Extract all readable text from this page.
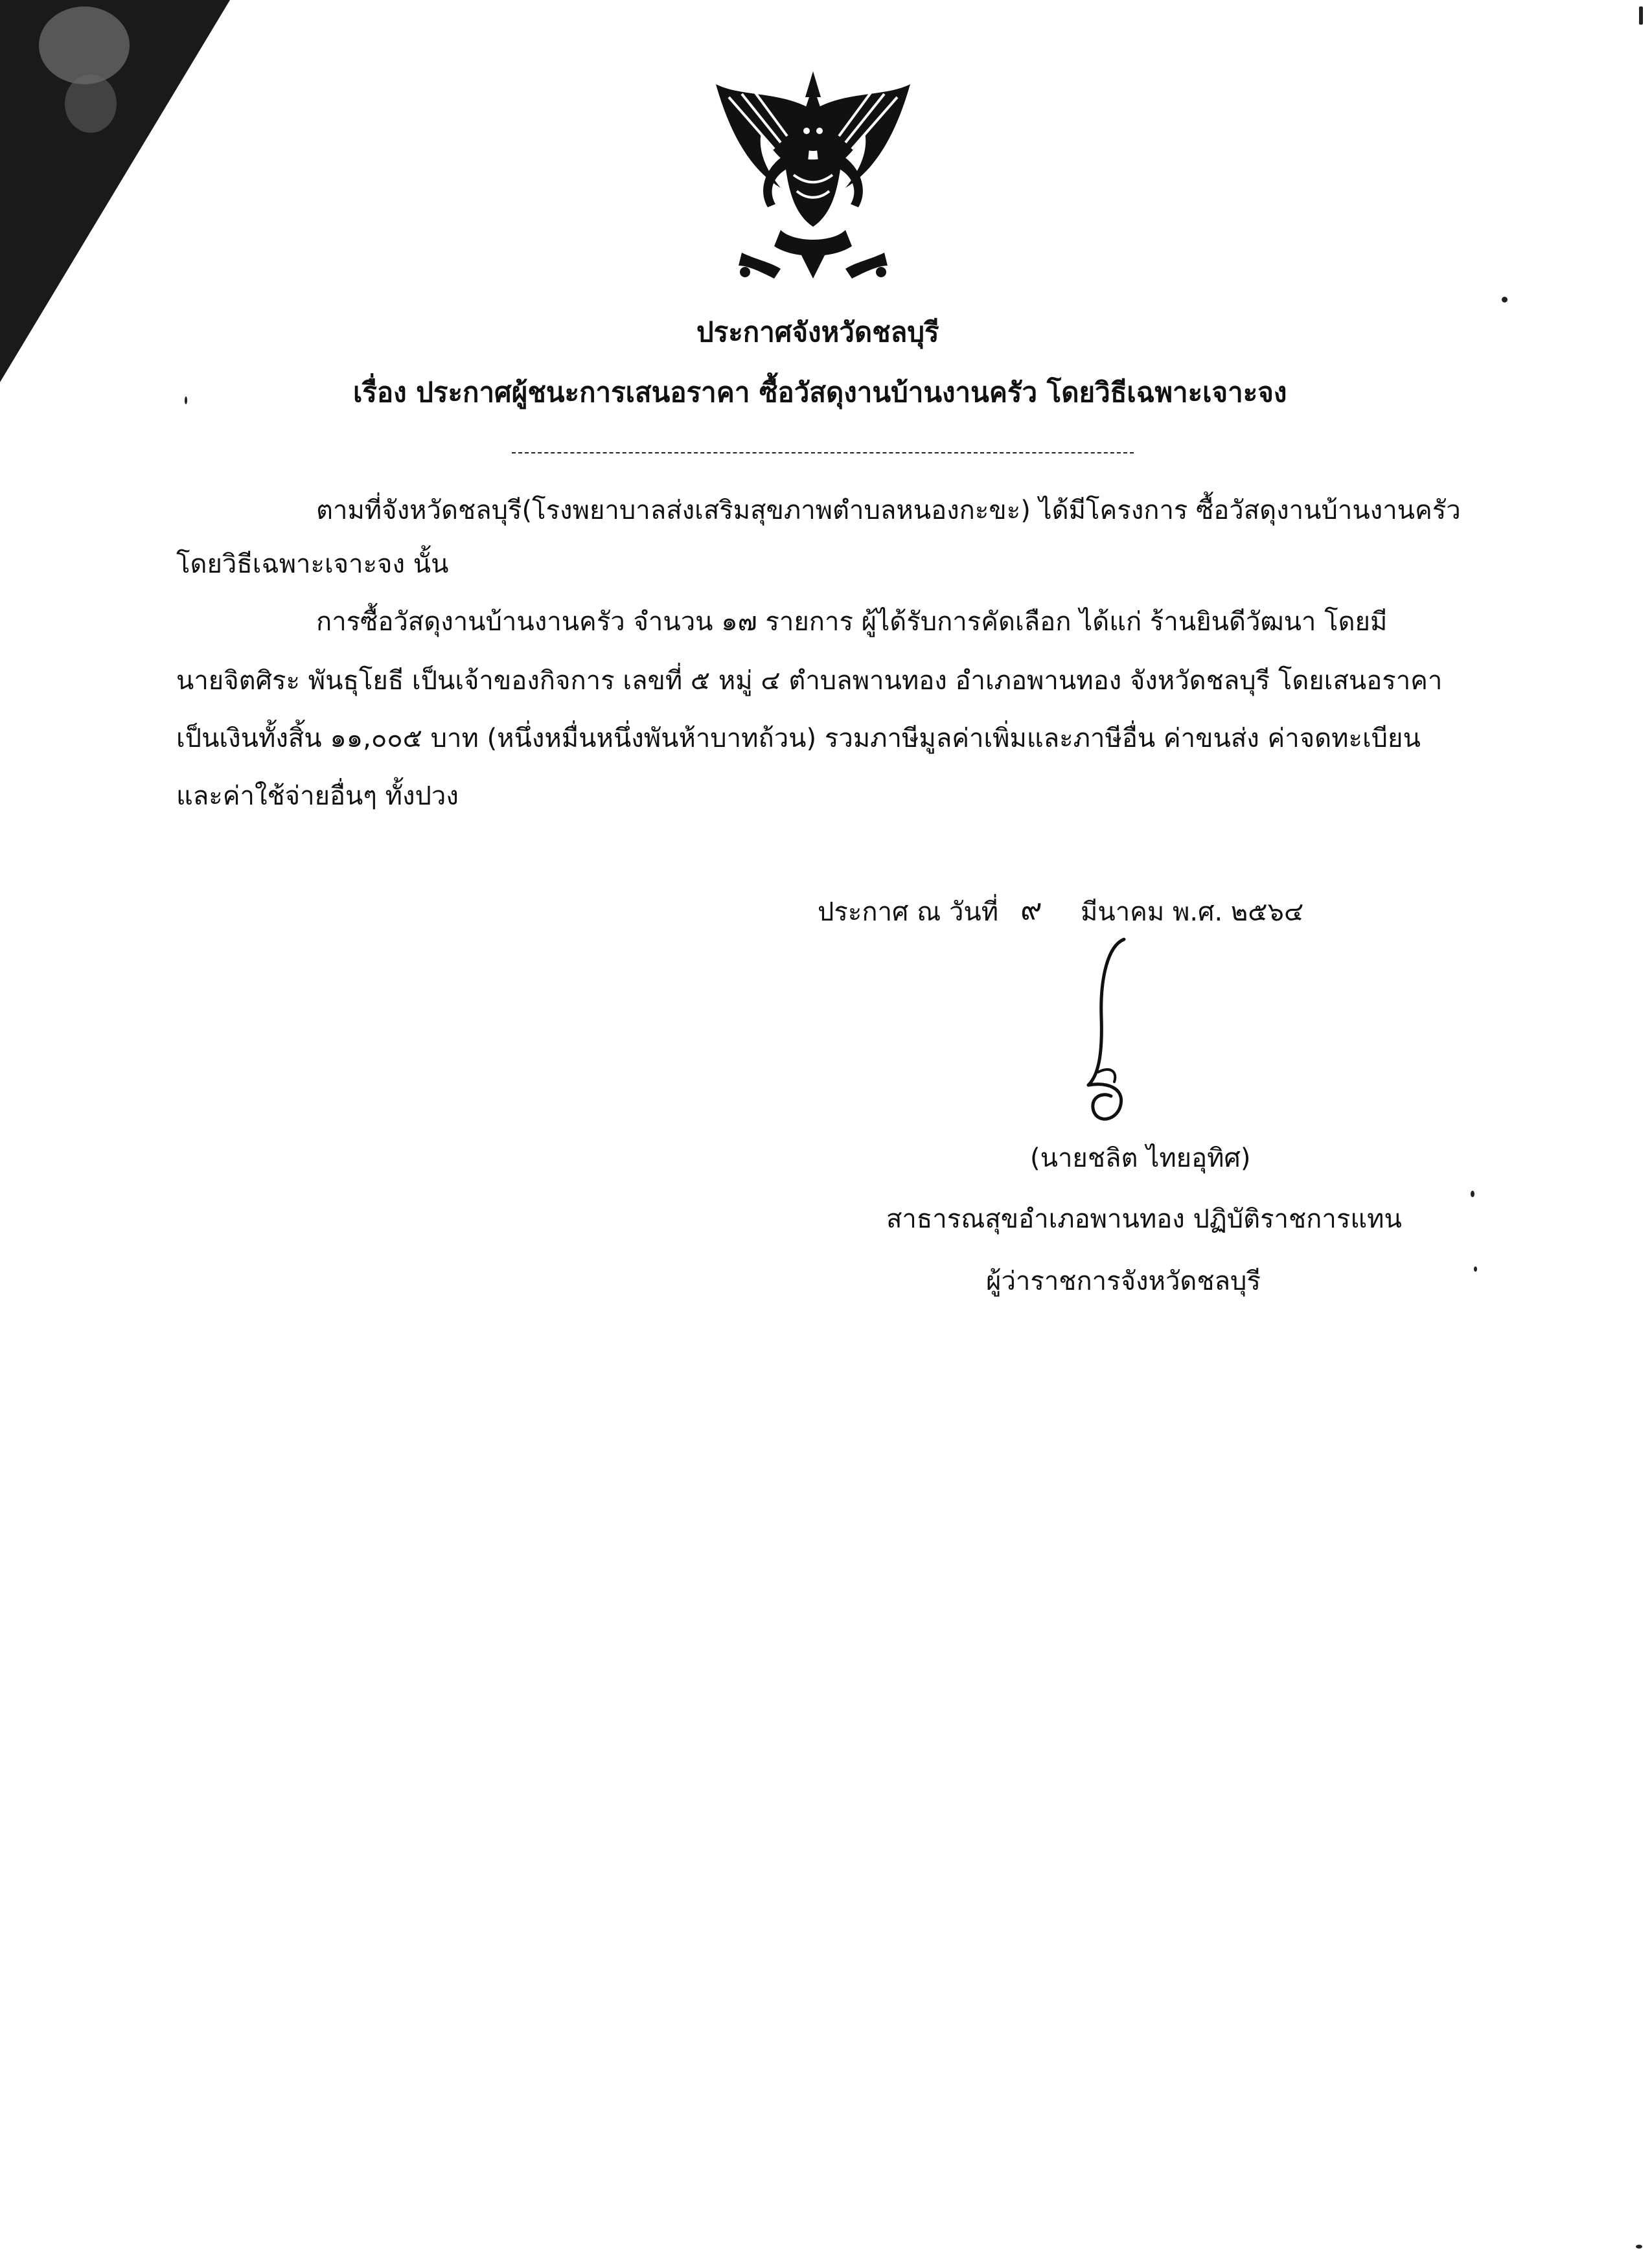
ประกาศจังหวัดชลบุรี
เรื่อง ประกาศผู้ชนะการเสนอราคา ซื้อวัสดุงานบ้านงานครัว โดยวิธีเฉพาะเจาะจง
ตามที่จังหวัดชลบุรี(โรงพยาบาลส่งเสริมสุขภาพตำบลหนองกะขะ) ได้มีโครงการ ซื้อวัสดุงานบ้านงานครัว
โดยวิธีเฉพาะเจาะจง นั้น
การซื้อวัสดุงานบ้านงานครัว จำนวน ๑๗ รายการ ผู้ได้รับการคัดเลือก ได้แก่ ร้านยินดีวัฒนา โดยมี
นายจิตศิระ พันธุโยธี เป็นเจ้าของกิจการ เลขที่ ๕ หมู่ ๔ ตำบลพานทอง อำเภอพานทอง จังหวัดชลบุรี โดยเสนอราคา
เป็นเงินทั้งสิ้น ๑๑,๐๐๕ บาท (หนึ่งหมื่นหนึ่งพันห้าบาทถ้วน) รวมภาษีมูลค่าเพิ่มและภาษีอื่น ค่าขนส่ง ค่าจดทะเบียน
และค่าใช้จ่ายอื่นๆ ทั้งปวง
ประกาศ ณ วันที่ ๙ มีนาคม พ.ศ. ๒๕๖๔
(นายชลิต ไทยอุทิศ)
สาธารณสุขอำเภอพานทอง ปฏิบัติราชการแทน
ผู้ว่าราชการจังหวัดชลบุรี
